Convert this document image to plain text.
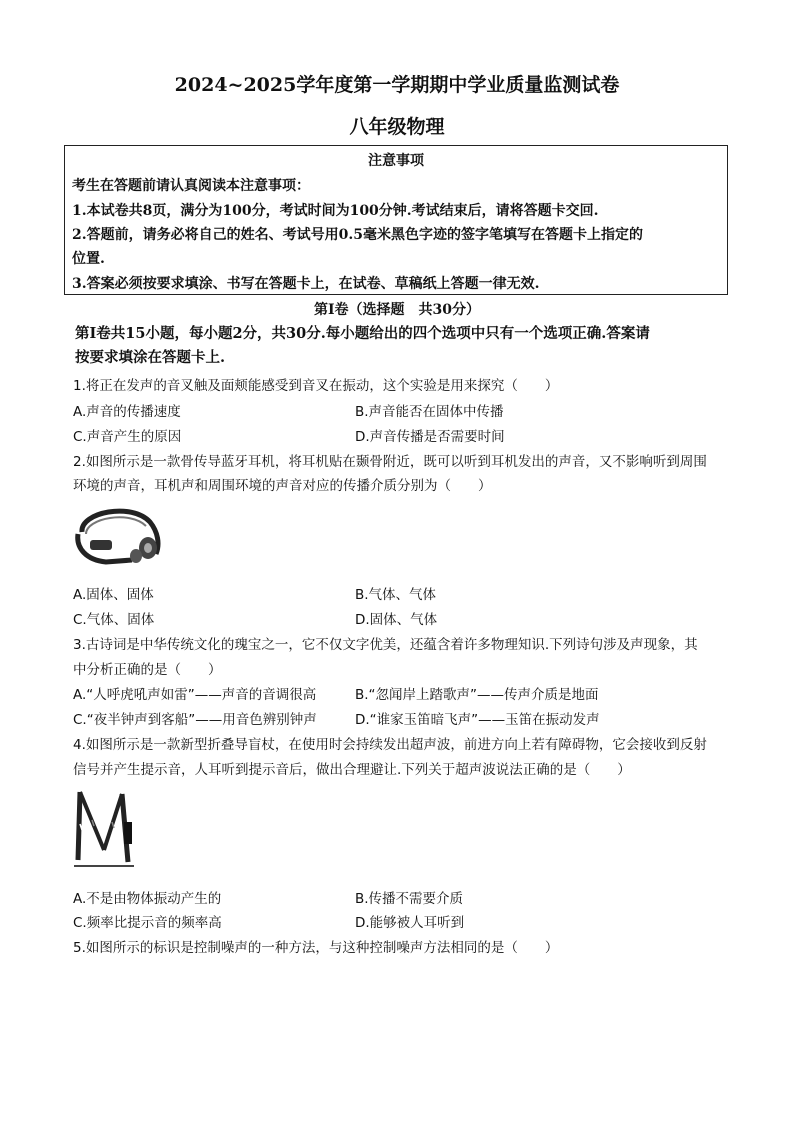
2024~2025学年度第一学期期中学业质量监测试卷
八年级物理
注意事项
考生在答题前请认真阅读本注意事项：
1.本试卷共8页，满分为100分，考试时间为100分钟.考试结束后，请将答题卡交回.
2.答题前，请务必将自己的姓名、考试号用0.5毫米黑色字迹的签字笔填写在答题卡上指定的
位置.
3.答案必须按要求填涂、书写在答题卡上，在试卷、草稿纸上答题一律无效.
第Ⅰ卷（选择题　共30分）
第Ⅰ卷共15小题，每小题2分，共30分.每小题给出的四个选项中只有一个选项正确.答案请
按要求填涂在答题卡上.
1.将正在发声的音叉触及面颊能感受到音叉在振动，这个实验是用来探究（　　）
A.声音的传播速度	B.声音能否在固体中传播
C.声音产生的原因	D.声音传播是否需要时间
2.如图所示是一款骨传导蓝牙耳机，将耳机贴在颞骨附近，既可以听到耳机发出的声音，又不影响听到周围
环境的声音，耳机声和周围环境的声音对应的传播介质分别为（　　）
A.固体、固体	B.气体、气体
C.气体、固体	D.固体、气体
3.古诗词是中华传统文化的瑰宝之一，它不仅文字优美，还蕴含着许多物理知识.下列诗句涉及声现象，其
中分析正确的是（　　）
A.“人呼虎吼声如雷”——声音的音调很高	B.“忽闻岸上踏歌声”——传声介质是地面
C.“夜半钟声到客船”——用音色辨别钟声	D.“谁家玉笛暗飞声”——玉笛在振动发声
4.如图所示是一款新型折叠导盲杖，在使用时会持续发出超声波，前进方向上若有障碍物，它会接收到反射
信号并产生提示音，人耳听到提示音后，做出合理避让.下列关于超声波说法正确的是（　　）
A.不是由物体振动产生的	B.传播不需要介质
C.频率比提示音的频率高	D.能够被人耳听到
5.如图所示的标识是控制噪声的一种方法，与这种控制噪声方法相同的是（　　）
